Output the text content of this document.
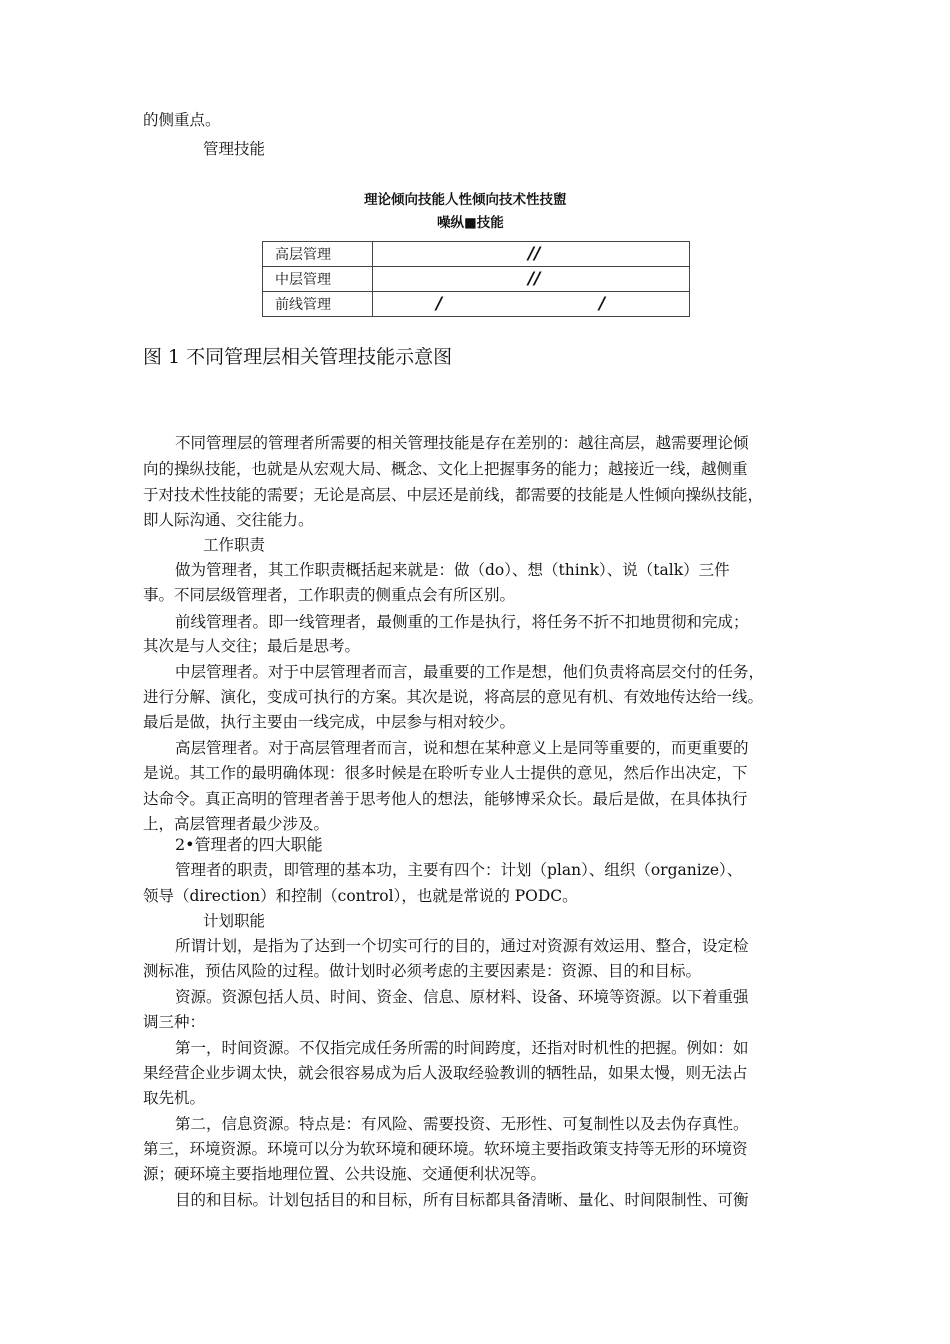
的侧重点。
管理技能
理论倾向技能人性倾向技术性技盥
噪纵■技能
高层管理	//

中层管理	//

前线管理	/ /
图 1 不同管理层相关管理技能示意图
不同管理层的管理者所需要的相关管理技能是存在差别的：越往高层，越需要理论倾
向的操纵技能，也就是从宏观大局、概念、文化上把握事务的能力；越接近一线，越侧重
于对技术性技能的需要；无论是高层、中层还是前线，都需要的技能是人性倾向操纵技能，
即人际沟通、交往能力。
工作职责
做为管理者，其工作职责概括起来就是：做（do）、想（think）、说（talk）三件
事。不同层级管理者，工作职责的侧重点会有所区别。
前线管理者。即一线管理者，最侧重的工作是执行，将任务不折不扣地贯彻和完成；
其次是与人交往；最后是思考。
中层管理者。对于中层管理者而言，最重要的工作是想，他们负责将高层交付的任务，
进行分解、演化，变成可执行的方案。其次是说，将高层的意见有机、有效地传达给一线。
最后是做，执行主要由一线完成，中层参与相对较少。
高层管理者。对于高层管理者而言，说和想在某种意义上是同等重要的，而更重要的
是说。其工作的最明确体现：很多时候是在聆听专业人士提供的意见，然后作出决定，下
达命令。真正高明的管理者善于思考他人的想法，能够博采众长。最后是做，在具体执行
上，高层管理者最少涉及。
2•管理者的四大职能
管理者的职责，即管理的基本功，主要有四个：计划（plan）、组织（organize）、
领导（direction）和控制（control），也就是常说的 PODC。
计划职能
所谓计划，是指为了达到一个切实可行的目的，通过对资源有效运用、整合，设定检
测标准，预估风险的过程。做计划时必须考虑的主要因素是：资源、目的和目标。
资源。资源包括人员、时间、资金、信息、原材料、设备、环境等资源。以下着重强
调三种：
第一，时间资源。不仅指完成任务所需的时间跨度，还指对时机性的把握。例如：如
果经营企业步调太快，就会很容易成为后人汲取经验教训的牺牲品，如果太慢，则无法占
取先机。
第二，信息资源。特点是：有风险、需要投资、无形性、可复制性以及去伪存真性。
第三，环境资源。环境可以分为软环境和硬环境。软环境主要指政策支持等无形的环境资
源；硬环境主要指地理位置、公共设施、交通便利状况等。
目的和目标。计划包括目的和目标，所有目标都具备清晰、量化、时间限制性、可衡
